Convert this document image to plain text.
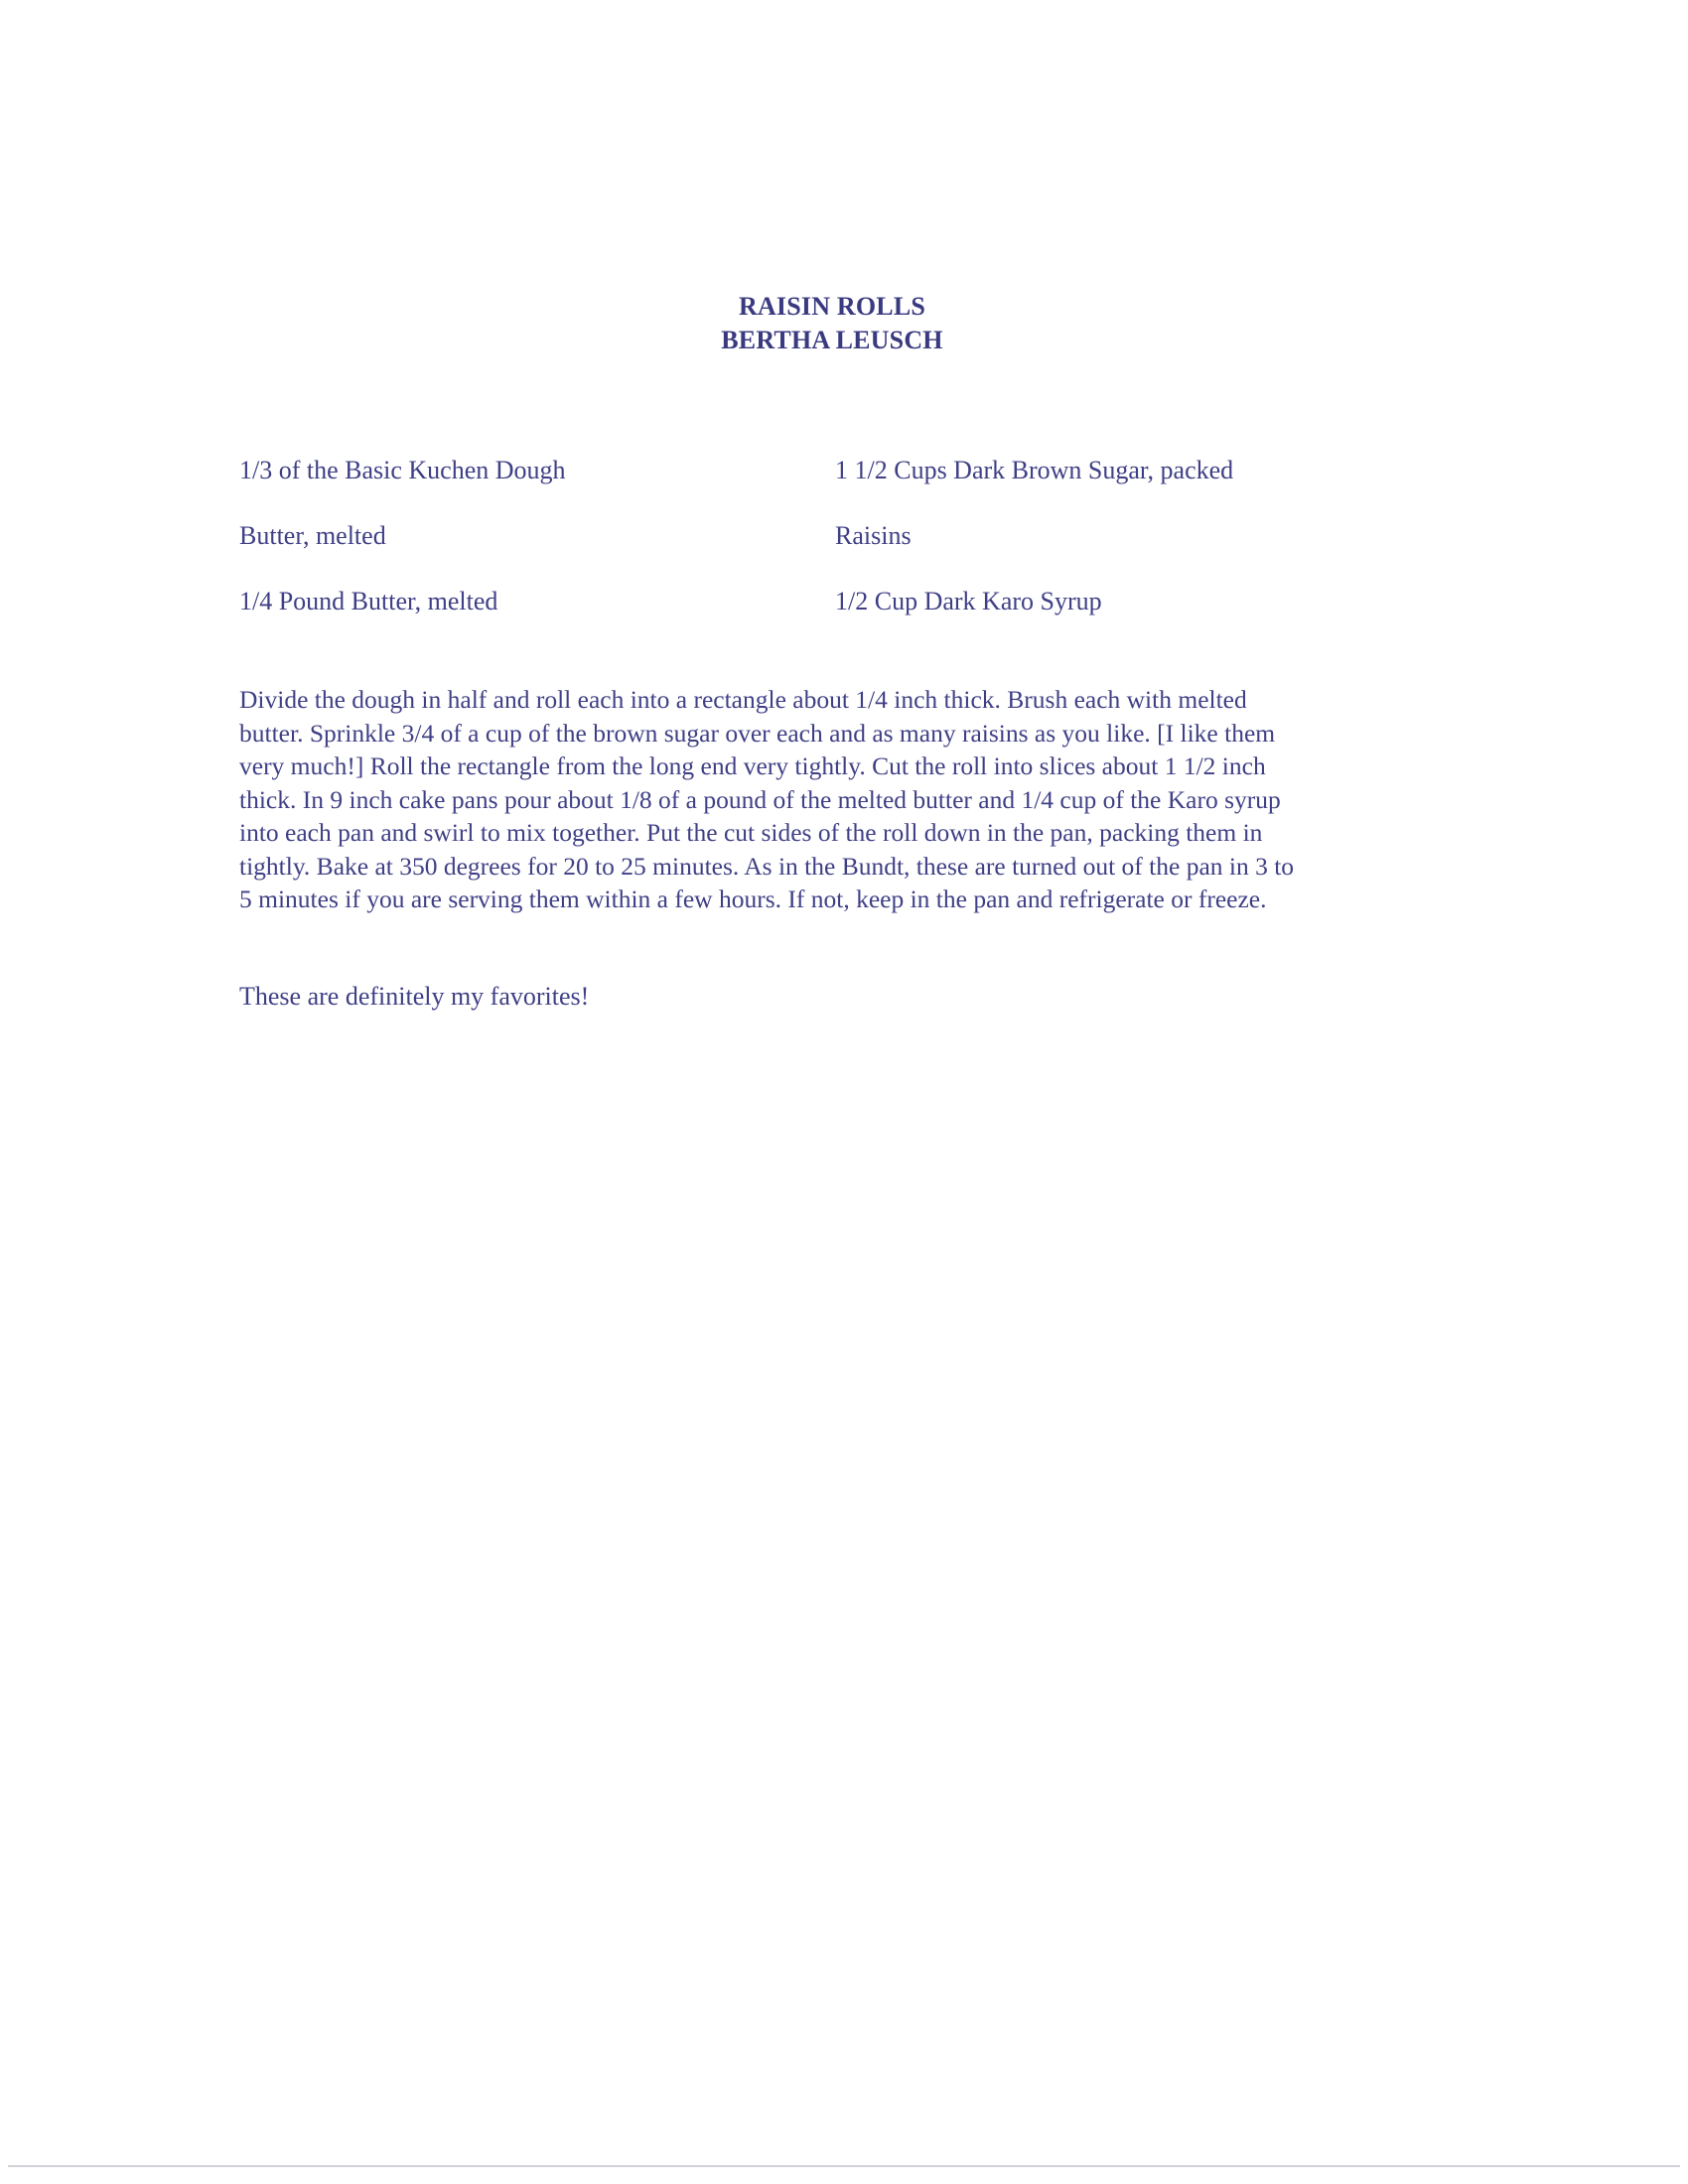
RAISIN ROLLS
BERTHA LEUSCH
1/3 of the Basic Kuchen Dough
Butter, melted
1/4 Pound Butter, melted
1 1/2 Cups Dark Brown Sugar, packed
Raisins
1/2 Cup Dark Karo Syrup
Divide the dough in half and roll each into a rectangle about 1/4 inch thick. Brush each with melted
butter. Sprinkle 3/4 of a cup of the brown sugar over each and as many raisins as you like. [I like them
very much!] Roll the rectangle from the long end very tightly. Cut the roll into slices about 1 1/2 inch
thick. In 9 inch cake pans pour about 1/8 of a pound of the melted butter and 1/4 cup of the Karo syrup
into each pan and swirl to mix together. Put the cut sides of the roll down in the pan, packing them in
tightly. Bake at 350 degrees for 20 to 25 minutes. As in the Bundt, these are turned out of the pan in 3 to
5 minutes if you are serving them within a few hours. If not, keep in the pan and refrigerate or freeze.
These are definitely my favorites!
